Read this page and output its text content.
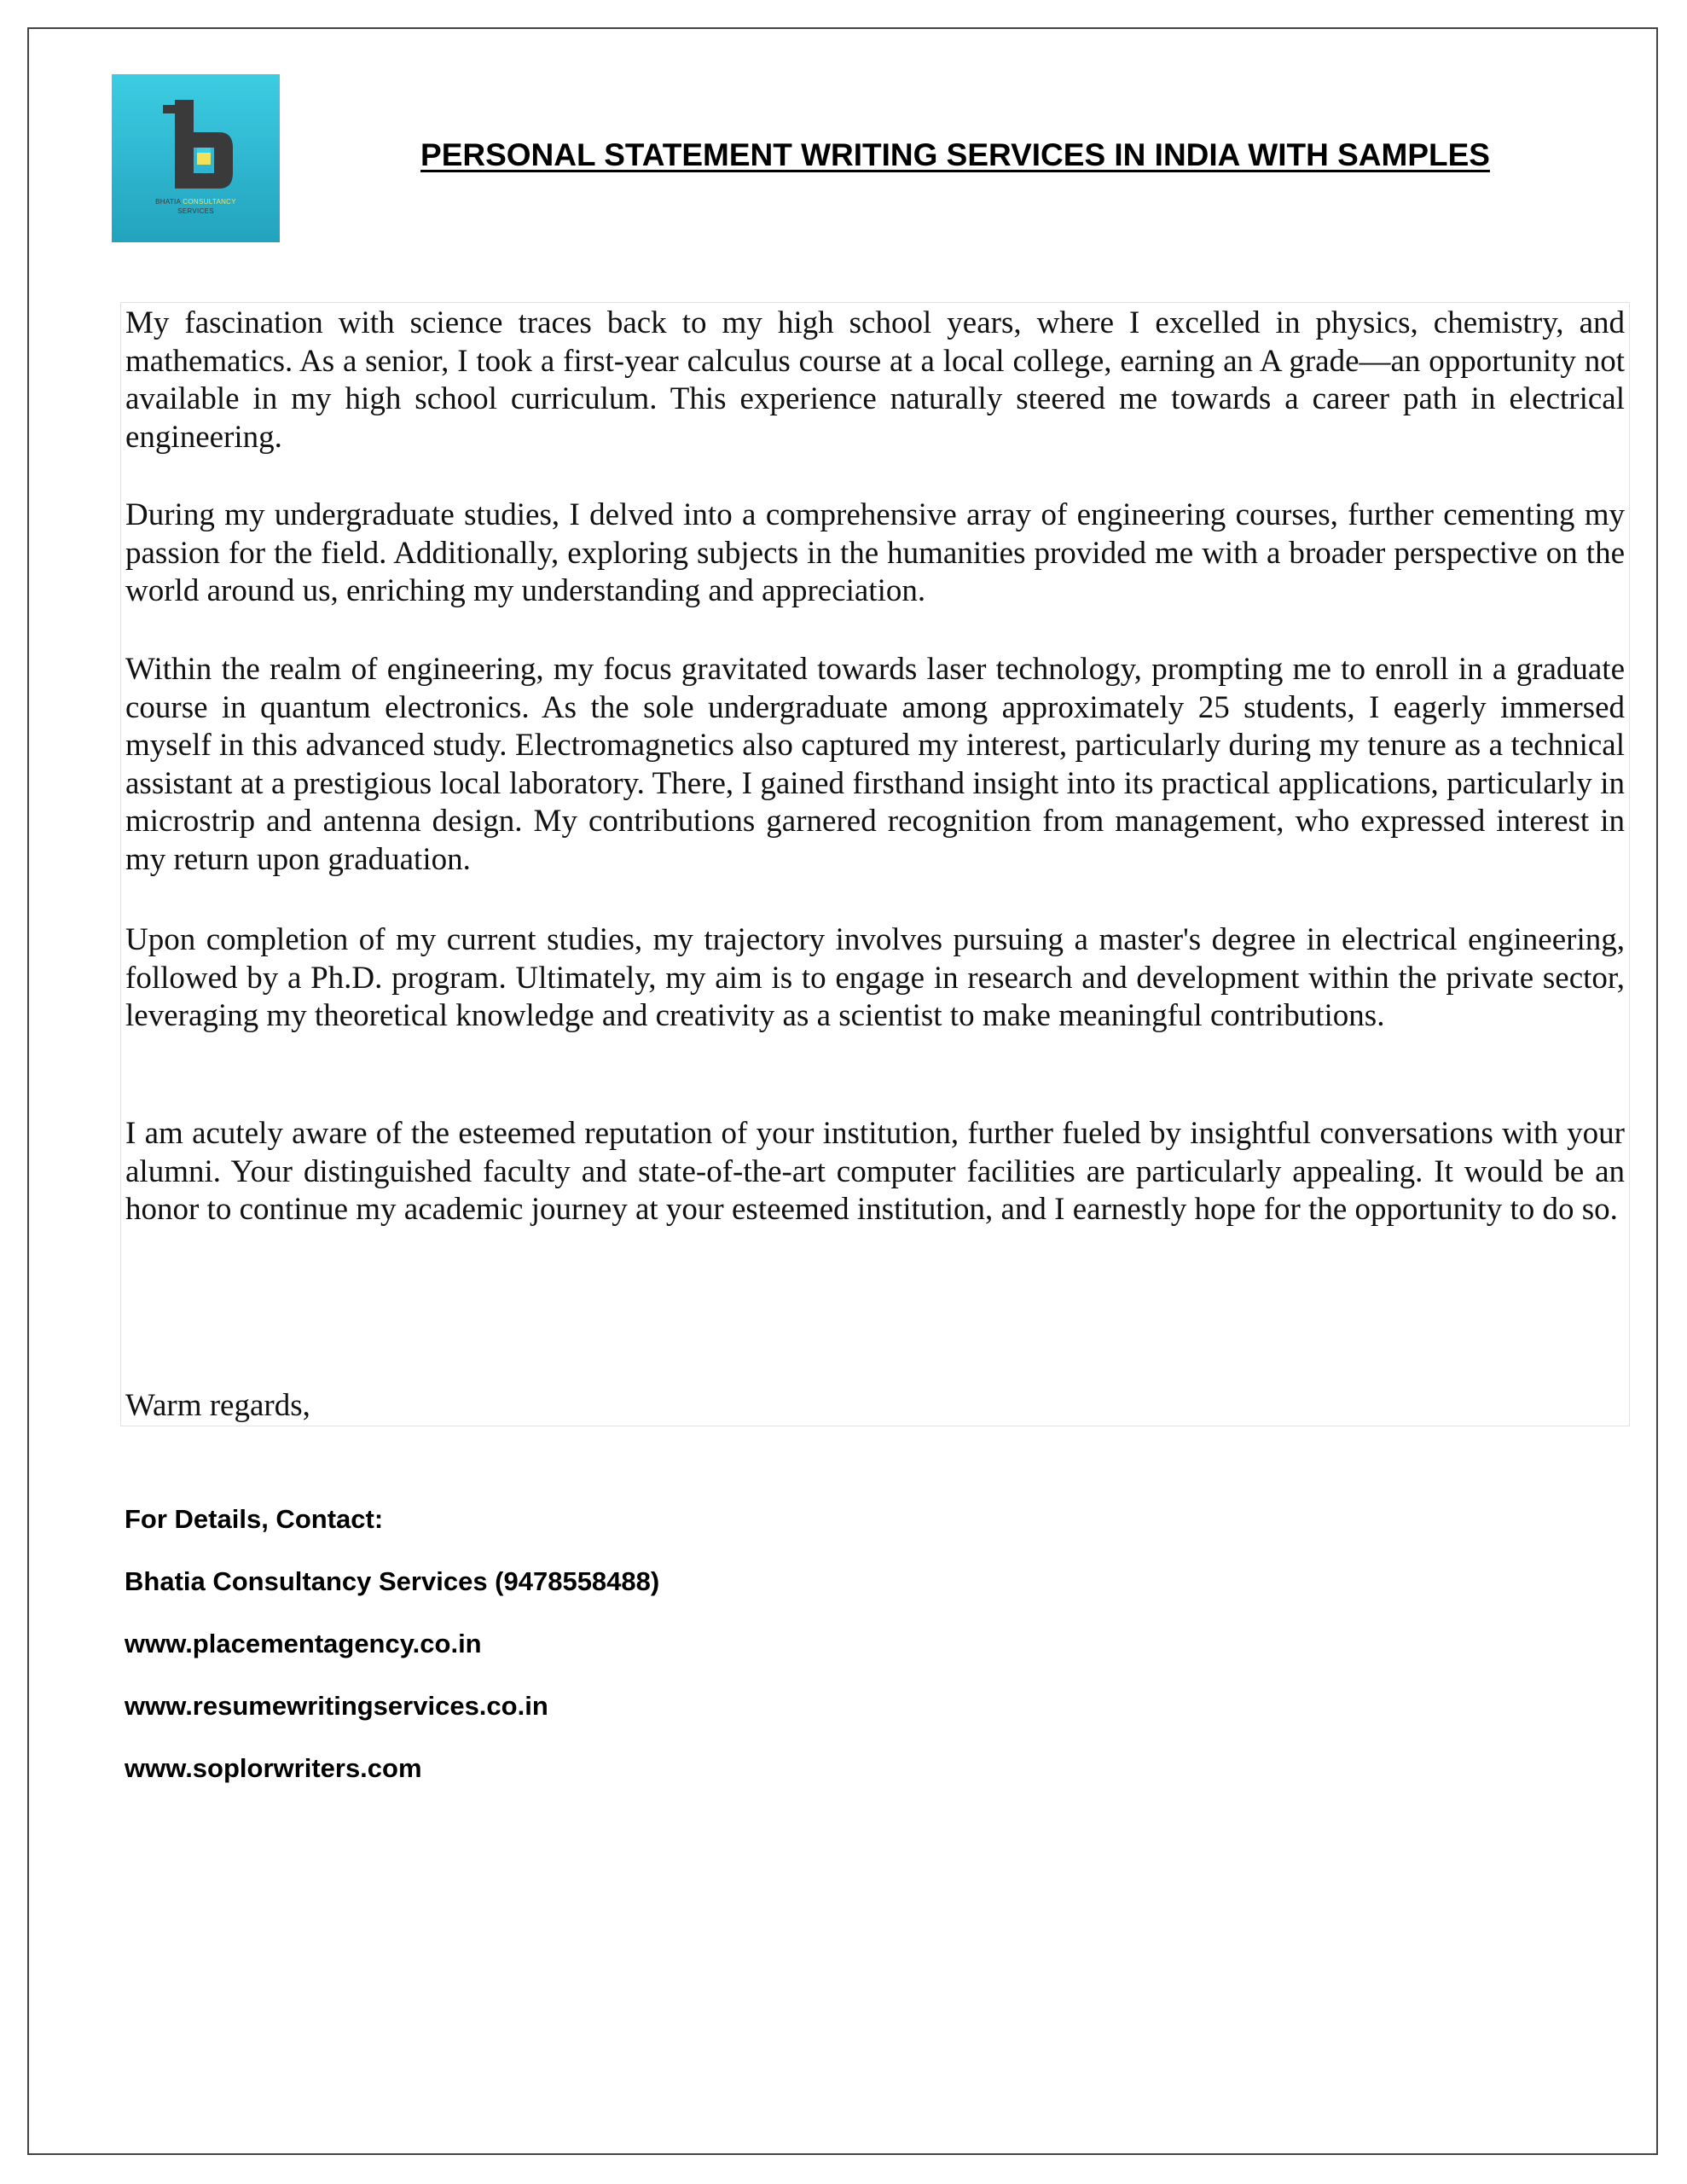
BHATIA CONSULTANCY
SERVICES
PERSONAL STATEMENT WRITING SERVICES IN INDIA WITH SAMPLES

My fascination with science traces back to my high school years, where I excelled in physics, chemistry, and mathematics. As a senior, I took a first-year calculus course at a local college, earning an A grade—an opportunity not available in my high school curriculum. This experience naturally steered me towards a career path in electrical engineering.

During my undergraduate studies, I delved into a comprehensive array of engineering courses, further cementing my passion for the field. Additionally, exploring subjects in the humanities provided me with a broader perspective on the world around us, enriching my understanding and appreciation.

Within the realm of engineering, my focus gravitated towards laser technology, prompting me to enroll in a graduate course in quantum electronics. As the sole undergraduate among approximately 25 students, I eagerly immersed myself in this advanced study. Electromagnetics also captured my interest, particularly during my tenure as a technical assistant at a prestigious local laboratory. There, I gained firsthand insight into its practical applications, particularly in microstrip and antenna design. My contributions garnered recognition from management, who expressed interest in my return upon graduation.

Upon completion of my current studies, my trajectory involves pursuing a master's degree in electrical engineering, followed by a Ph.D. program. Ultimately, my aim is to engage in research and development within the private sector, leveraging my theoretical knowledge and creativity as a scientist to make meaningful contributions.

I am acutely aware of the esteemed reputation of your institution, further fueled by insightful conversations with your alumni. Your distinguished faculty and state-of-the-art computer facilities are particularly appealing. It would be an honor to continue my academic journey at your esteemed institution, and I earnestly hope for the opportunity to do so.

Warm regards,
For Details, Contact:
Bhatia Consultancy Services (9478558488)
www.placementagency.co.in
www.resumewritingservices.co.in
www.soplorwriters.com
